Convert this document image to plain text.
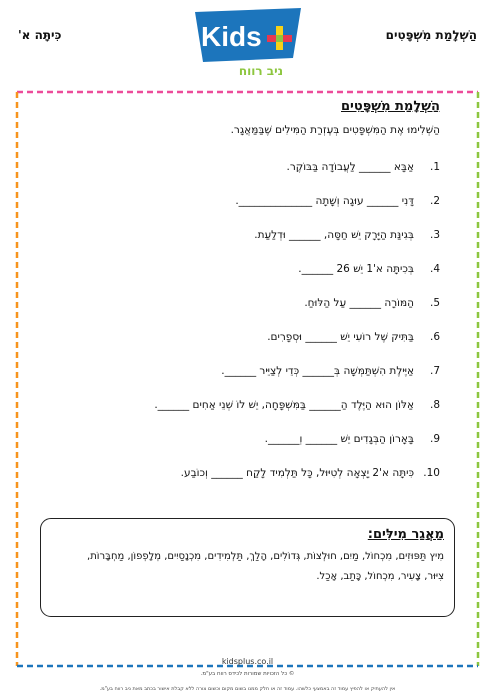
כִּיתָּה א'	הַשְׁלָמַת מִשְׁפָּטִים
Kids
ניב רווח
הַשְׁלָמַת מִשְׁפָּטִים
הַשְׁלִימוּ אֶת הַמִּשְׁפָּטִים בְּעֶזְרַת הַמִּילִים שֶׁבַּמַּאֲגָר.
1.
אַבָּא ______ לַעֲבוֹדָה בַּבּוֹקֶר.
2.
דָּנִי ______ עוּגָה וְשָׁתָה ______________.
3.
בְּגִינַּת הַיָּרָק יֵשׁ חַסָּה, ______ וּדְלַעַת.
4.
בְּכִיתָּה א'1 יֵשׁ 26 ______.
5.
הַמּוֹרָה ______ עַל הַלּוּחַ.
6.
בַּתִּיק שֶׁל רוֹעִי יֵשׁ ______ וּסְפָרִים.
7.
אַיֶּילֶת הִשְׁתַּמְּשָׁה בְּ______ כְּדֵי לְצַיֵּיר ______.
8.
אַלּוֹן הוּא הַיֶּלֶד הַ______ בַּמִּשְׁפָּחָה, יֵשׁ לוֹ שְׁנֵי אַחִים ______.
9.
בָּאָרוֹן הַבְּגָדִים יֵשׁ ______ וְ______.
10.
כִּיתָּה א'2 יָצְאָה לְטִיּוּל, כָּל תַּלְמִיד לָקַח ______ וְכוֹבַע.
מַאֲגַר מִילִּים:
מִיץ תַּפּוּזִים, מִכְחוֹל, מַיִם, חוּלְצוֹת, גְּדוֹלִים, הָלַךְ, תַּלְמִידִים, מִכְנָסַיִים, מְלָפְפוֹן, מַחְבָּרוֹת,
צִיּוּר, צָעִיר, מִכְחוֹל, כָּתַב, אָכַל.
kidsplus.co.il
© כל הזכויות שמורות לכידס רווח בע"מ.
אין להעתיק או להפיץ עמוד זה באמצעי כלשהו. עמוד זה או חלק ממנו בשום מקום וכשום צורה ללא קבלת אישור בכתב מאת ניב רווח בע"מ.
